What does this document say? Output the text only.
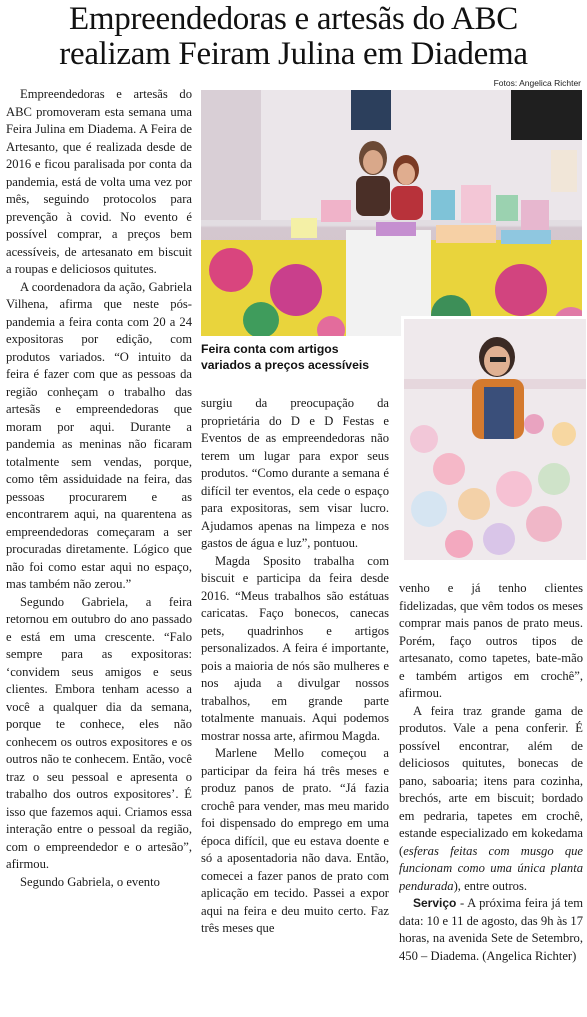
Empreendedoras e artesãs do ABC
realizam Feiram Julina em Diadema
Fotos: Angelica Richter
Feira conta com artigos
variados a preços acessíveis

Empreendedoras e artesãs do ABC promoveram esta semana uma Feira Julina em Diadema. A Feira de Artesanto, que é realizada desde de 2016 e ficou paralisada por conta da pandemia, está de volta uma vez por mês, seguindo protocolos para prevenção à covid. No evento é possível comprar, a preços bem acessíveis, de artesanato em biscuit a roupas e deliciosos quitutes.

A coordenadora da ação, Gabriela Vilhena, afirma que neste pós-pandemia a feira conta com 20 a 24 expositoras por edição, com produtos variados. “O intuito da feira é fazer com que as pessoas da região conheçam o trabalho das artesãs e empreendedoras que moram por aqui. Durante a pandemia as meninas não ficaram totalmente sem vendas, porque, como têm assiduidade na feira, das pessoas procurarem e as encontrarem aqui, na quarentena as empreendedoras começaram a ser procuradas diretamente. Lógico que não foi como estar aqui no espaço, mas também não zerou.”

Segundo Gabriela, a feira retornou em outubro do ano passado e está em uma crescente. “Falo sempre para as expositoras: ‘convidem seus amigos e seus clientes. Embora tenham acesso a você a qualquer dia da semana, porque te conhece, eles não conhecem os outros expositores e os outros não te conhecem. Então, você traz o seu pessoal e apresenta o trabalho dos outros expositores’. É isso que fazemos aqui. Criamos essa interação entre o pessoal da região, com o empreendedor e o artesão”, afirmou.

Segundo Gabriela, o evento

surgiu da preocupação da proprietária do D e D Festas e Eventos de as empreendedoras não terem um lugar para expor seus produtos. “Como durante a semana é difícil ter eventos, ela cede o espaço para expositoras, sem visar lucro. Ajudamos apenas na limpeza e nos gastos de água e luz”, pontuou.

Magda Sposito trabalha com biscuit e participa da feira desde 2016. “Meus trabalhos são estátuas caricatas. Faço bonecos, canecas pets, quadrinhos e artigos personalizados. A feira é importante, pois a maioria de nós são mulheres e nos ajuda a divulgar nossos trabalhos, em grande parte totalmente manuais. Aqui podemos mostrar nossa arte, afirmou Magda.

Marlene Mello começou a participar da feira há três meses e produz panos de prato. “Já fazia crochê para vender, mas meu marido foi dispensado do emprego em uma época difícil, que eu estava doente e só a aposentadoria não dava. Então, comecei a fazer panos de prato com aplicação em tecido. Passei a expor aqui na feira e deu muito certo. Faz três meses que

venho e já tenho clientes fidelizadas, que vêm todos os meses comprar mais panos de prato meus. Porém, faço outros tipos de artesanato, como tapetes, bate-mão e também artigos em crochê”, afirmou.

A feira traz grande gama de produtos. Vale a pena conferir. É possível encontrar, além de deliciosos quitutes, bonecas de pano, saboaria; itens para cozinha, brechós, arte em biscuit; bordado em pedraria, tapetes em crochê, estande especializado em kokedama (esferas feitas com musgo que funcionam como uma única planta pendurada), entre outros.

Serviço - A próxima feira já tem data: 10 e 11 de agosto, das 9h às 17 horas, na avenida Sete de Setembro, 450 – Diadema. (Angelica Richter)
